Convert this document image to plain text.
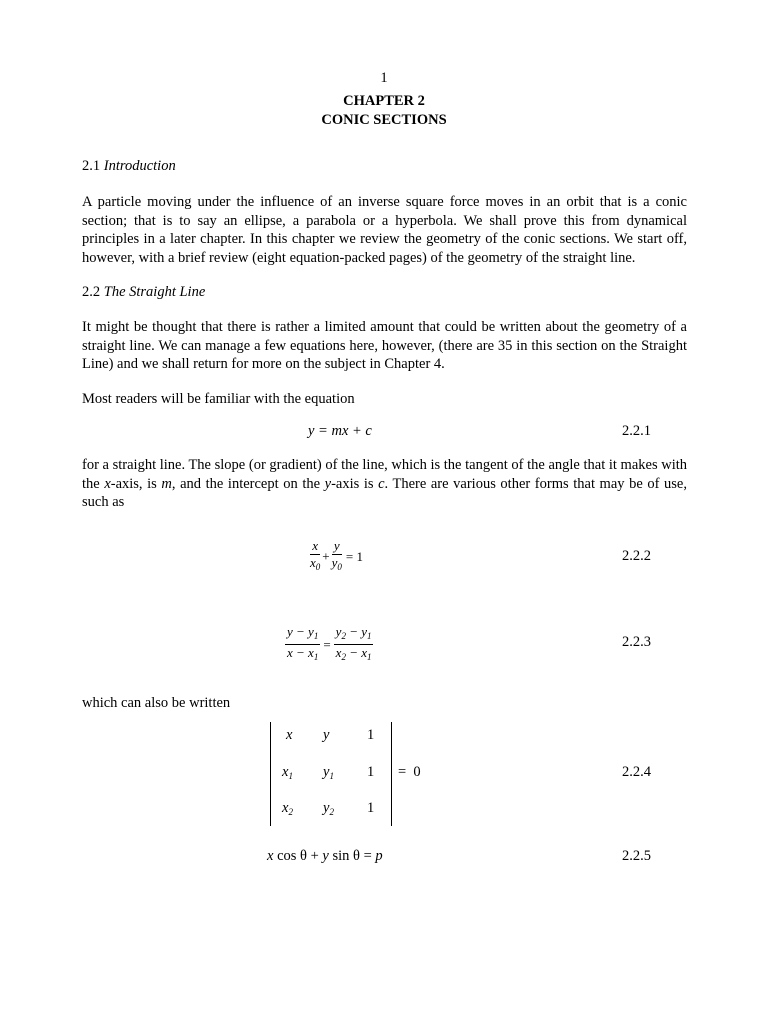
1
CHAPTER 2
CONIC SECTIONS
2.1 Introduction

A particle moving under the influence of an inverse square force moves in an orbit that is a conic section; that is to say an ellipse, a parabola or a hyperbola. We shall prove this from dynamical principles in a later chapter. In this chapter we review the geometry of the conic sections. We start off, however, with a brief review (eight equation-packed pages) of the geometry of the straight line.

2.2 The Straight Line

It might be thought that there is rather a limited amount that could be written about the geometry of a straight line. We can manage a few equations here, however, (there are 35 in this section on the Straight Line) and we shall return for more on the subject in Chapter 4.

Most readers will be familiar with the equation

y = mx + c	2.2.1

for a straight line. The slope (or gradient) of the line, which is the tangent of the angle that it makes with the x-axis, is m, and the intercept on the y-axis is c. There are various other forms that may be of use, such as

$\frac{x}{x_0} + \frac{y}{y_0} = 1$	2.2.2
$\frac{y - y_1}{x - x_1} = \frac{y_2 - y_1}{x_2 - x_1}$	2.2.3

which can also be written

x y	1
$x_1$ $y_1$ 1
$x_2$ $y_2$ 1
=  0	2.2.4
x cos θ + y sin θ = p	2.2.5
